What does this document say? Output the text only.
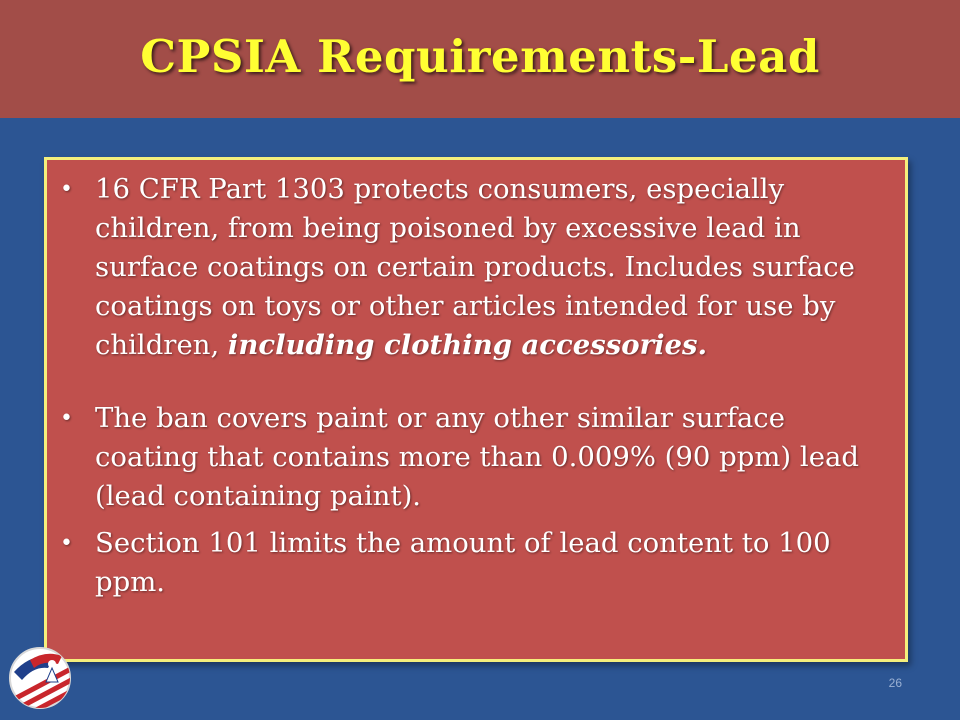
CPSIA Requirements-Lead
• 16 CFR Part 1303 protects consumers, especially children, from being poisoned by excessive lead in surface coatings on certain products. Includes surface coatings on toys or other articles intended for use by children, including clothing accessories.
• The ban covers paint or any other similar surface coating that contains more than 0.009% (90 ppm) lead (lead containing paint).
• Section 101 limits the amount of lead content to 100 ppm.
26
